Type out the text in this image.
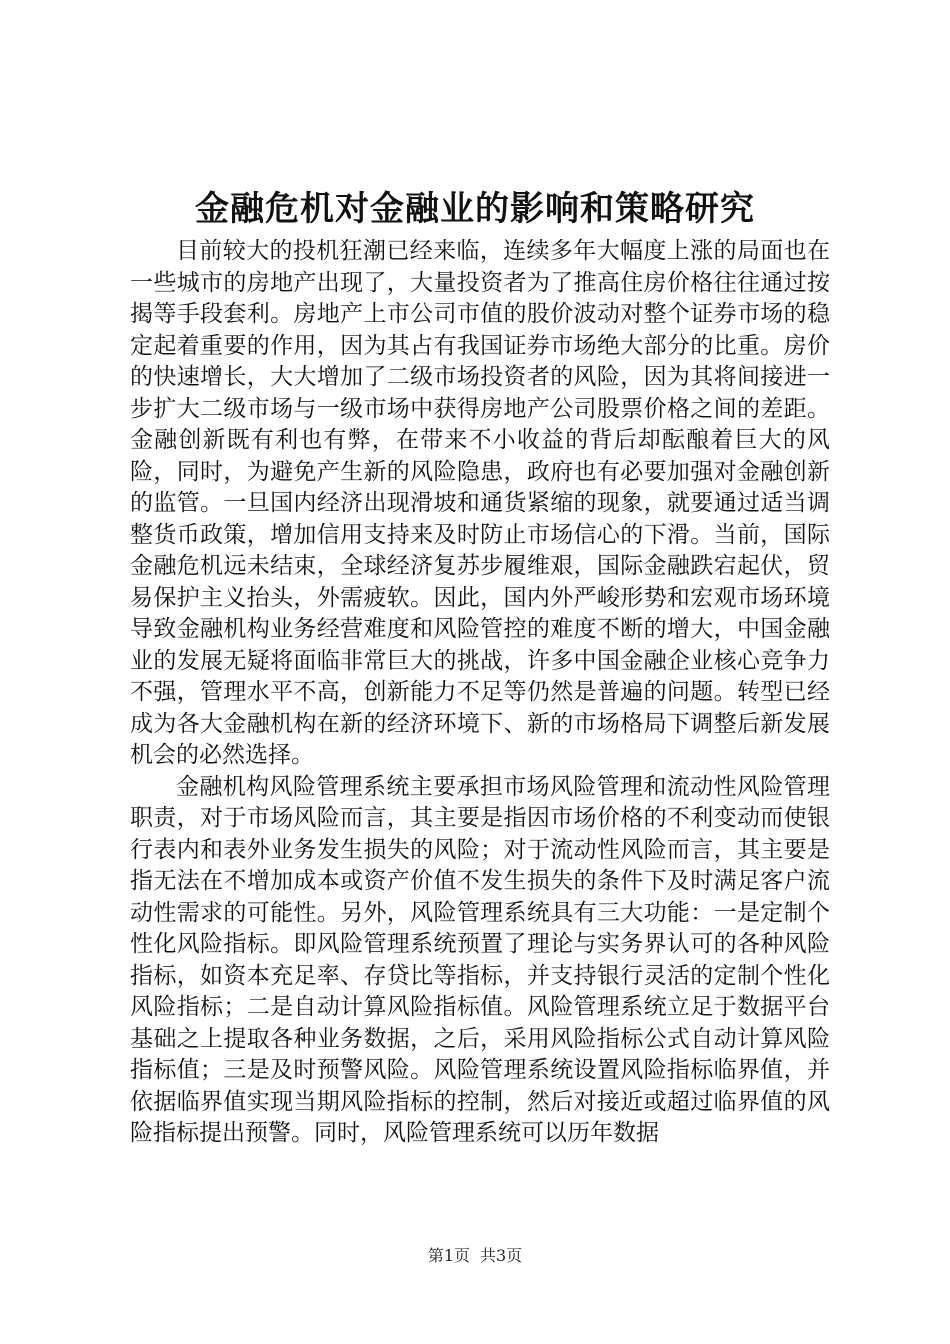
金融危机对金融业的影响和策略研究

目前较大的投机狂潮已经来临，连续多年大幅度上涨的局面也在一些城市的房地产出现了，大量投资者为了推高住房价格往往通过按揭等手段套利。房地产上市公司市值的股价波动对整个证券市场的稳定起着重要的作用，因为其占有我国证券市场绝大部分的比重。房价的快速增长，大大增加了二级市场投资者的风险，因为其将间接进一步扩大二级市场与一级市场中获得房地产公司股票价格之间的差距。金融创新既有利也有弊，在带来不小收益的背后却酝酿着巨大的风险，同时，为避免产生新的风险隐患，政府也有必要加强对金融创新的监管。一旦国内经济出现滑坡和通货紧缩的现象，就要通过适当调整货币政策，增加信用支持来及时防止市场信心的下滑。当前，国际金融危机远未结束，全球经济复苏步履维艰，国际金融跌宕起伏，贸易保护主义抬头，外需疲软。因此，国内外严峻形势和宏观市场环境导致金融机构业务经营难度和风险管控的难度不断的增大，中国金融业的发展无疑将面临非常巨大的挑战，许多中国金融企业核心竞争力不强，管理水平不高，创新能力不足等仍然是普遍的问题。转型已经成为各大金融机构在新的经济环境下、新的市场格局下调整后新发展机会的必然选择。

金融机构风险管理系统主要承担市场风险管理和流动性风险管理职责，对于市场风险而言，其主要是指因市场价格的不利变动而使银行表内和表外业务发生损失的风险；对于流动性风险而言，其主要是指无法在不增加成本或资产价值不发生损失的条件下及时满足客户流动性需求的可能性。另外，风险管理系统具有三大功能：一是定制个性化风险指标。即风险管理系统预置了理论与实务界认可的各种风险指标，如资本充足率、存贷比等指标，并支持银行灵活的定制个性化风险指标；二是自动计算风险指标值。风险管理系统立足于数据平台基础之上提取各种业务数据，之后，采用风险指标公式自动计算风险指标值；三是及时预警风险。风险管理系统设置风险指标临界值，并依据临界值实现当期风险指标的控制，然后对接近或超过临界值的风险指标提出预警。同时，风险管理系统可以历年数据

第1页 共3页
